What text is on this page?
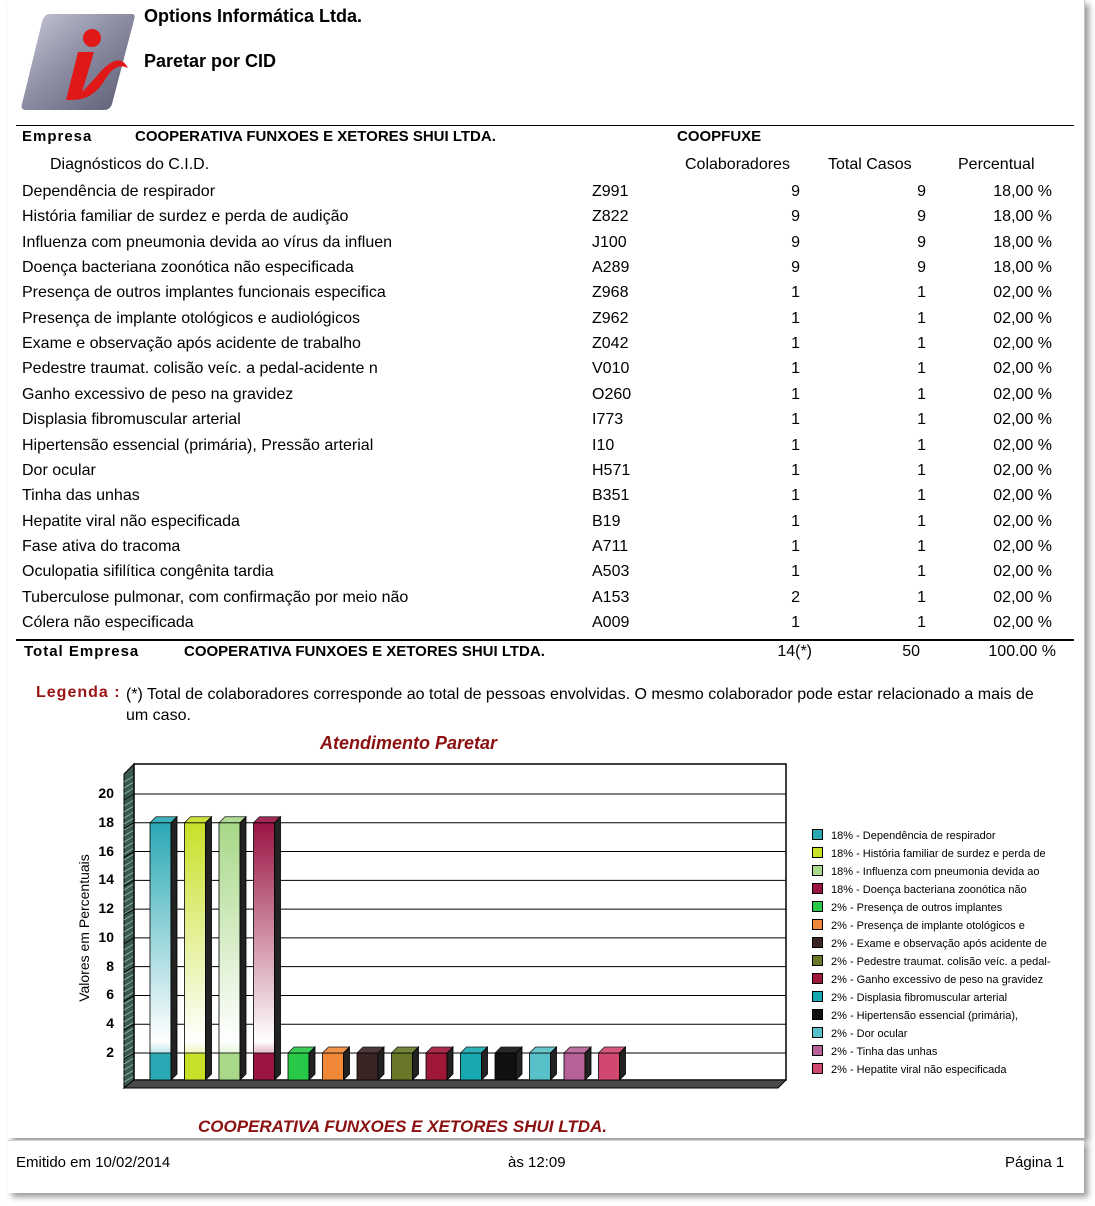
Options Informática Ltda.
Paretar por CID
Empresa	COOPERATIVA FUNXOES E XETORES SHUI LTDA.	COOPFUXE
Diagnósticos do C.I.D.	Colaboradores Total Casos	Percentual
Dependência de respirador	Z991	9	9	18,00 %
História familiar de surdez e perda de audição	Z822	9	9	18,00 %
Influenza com pneumonia devida ao vírus da influen	J100	9	9	18,00 %
Doença bacteriana zoonótica não especificada	A289	9	9	18,00 %
Presença de outros implantes funcionais especifica	Z968	1	1	02,00 %
Presença de implante otológicos e audiológicos	Z962	1	1	02,00 %
Exame e observação após acidente de trabalho	Z042	1	1	02,00 %
Pedestre traumat. colisão veíc. a pedal-acidente n	V010	1	1	02,00 %
Ganho excessivo de peso na gravidez	O260	1	1	02,00 %
Displasia fibromuscular arterial	I773	1	1	02,00 %
Hipertensão essencial (primária), Pressão arterial	I10	1	1	02,00 %
Dor ocular	H571	1	1	02,00 %
Tinha das unhas	B351	1	1	02,00 %
Hepatite viral não especificada	B19	1	1	02,00 %
Fase ativa do tracoma	A711	1	1	02,00 %
Oculopatia sifilítica congênita tardia	A503	1	1	02,00 %
Tuberculose pulmonar, com confirmação por meio não	A153	2	1	02,00 %
Cólera não especificada	A009	1	1	02,00 %
Total Empresa	COOPERATIVA FUNXOES E XETORES SHUI LTDA.	14(*)	50	100.00 %
Legenda : (*) Total de colaboradores corresponde ao total de pessoas envolvidas. O mesmo colaborador pode estar relacionado a mais de um caso.
Atendimento Paretar
Valores em Percentuais
2
4
6
8
10
12
14
16
18
20
18% - Dependência de respirador
18% - História familiar de surdez e perda de
18% - Influenza com pneumonia devida ao
18% - Doença bacteriana zoonótica não
2% - Presença de outros implantes
2% - Presença de implante otológicos e
2% - Exame e observação após acidente de
2% - Pedestre traumat. colisão veíc. a pedal-
2% - Ganho excessivo de peso na gravidez
2% - Displasia fibromuscular arterial
2% - Hipertensão essencial (primária),
2% - Dor ocular
2% - Tinha das unhas
2% - Hepatite viral não especificada
COOPERATIVA FUNXOES E XETORES SHUI LTDA.
Emitido em 10/02/2014	às 12:09	Página 1
